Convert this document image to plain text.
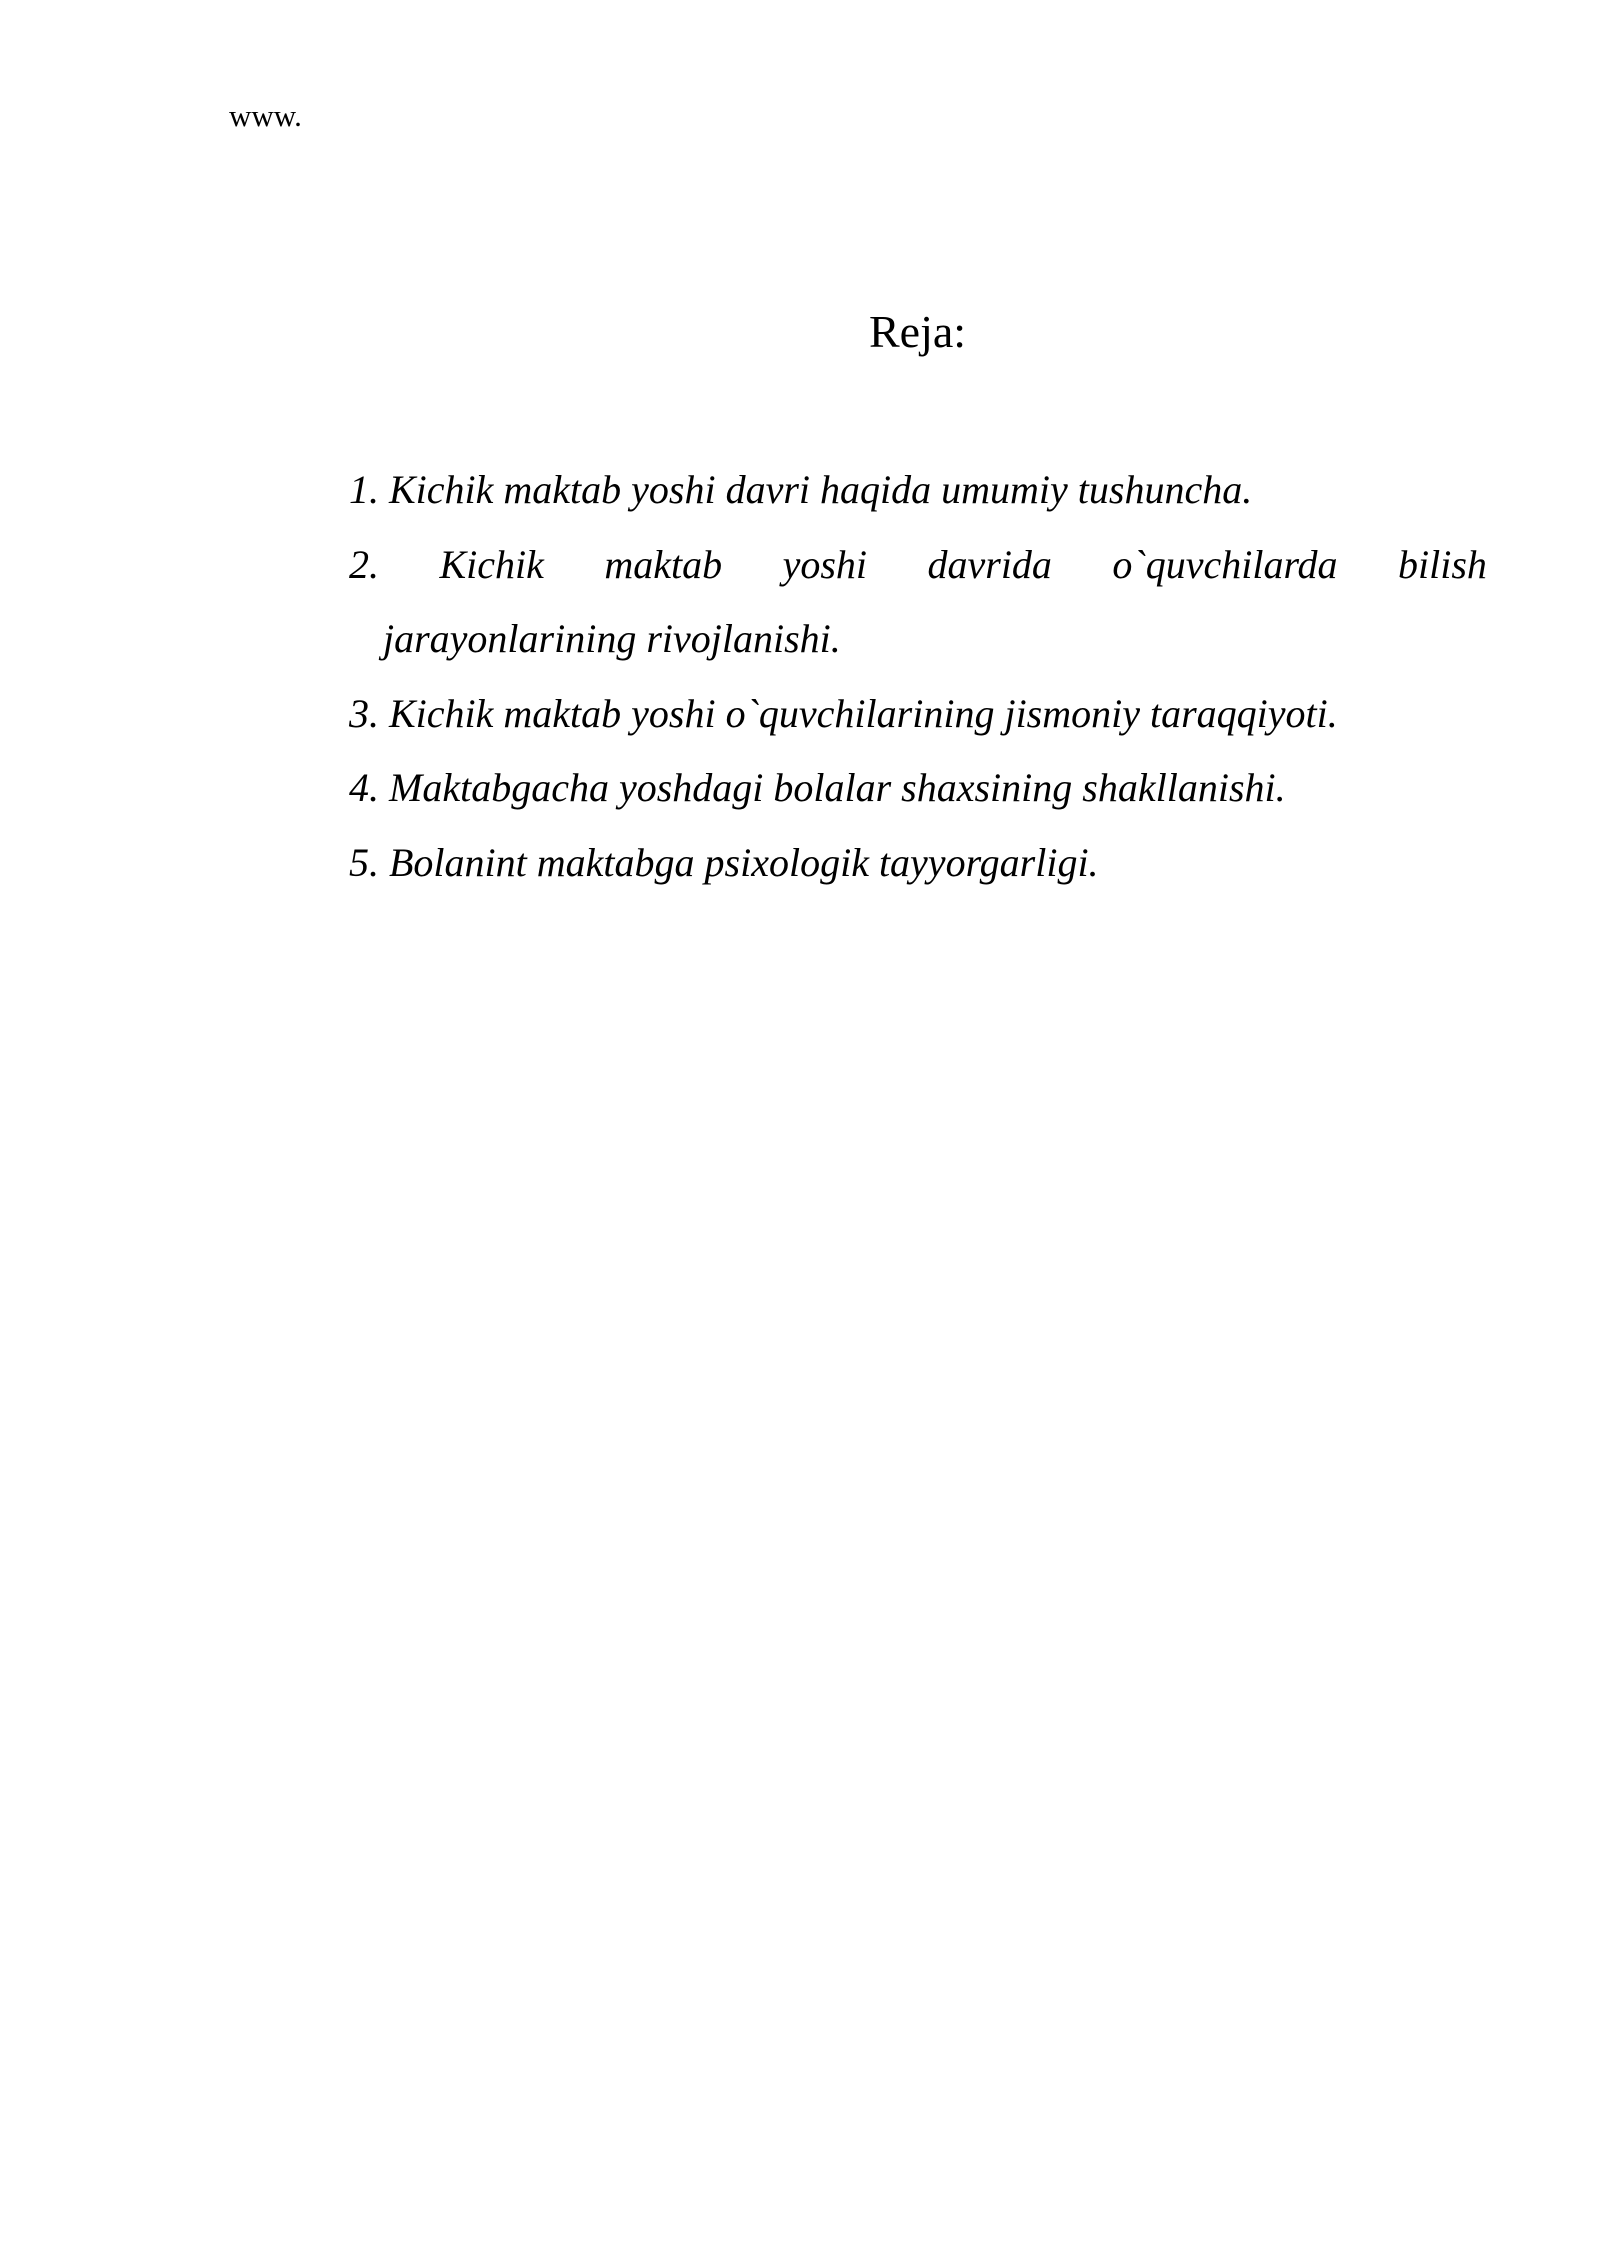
www.

Reja:
1. Kichik maktab yoshi davri haqida umumiy tushuncha.
2. Kichik maktab yoshi davrida o`quvchilarda bilish
jarayonlarining rivojlanishi.
3. Kichik maktab yoshi o`quvchilarining jismoniy taraqqiyoti.
4. Maktabgacha yoshdagi bolalar shaxsining shakllanishi.
5. Bolanint maktabga psixologik tayyorgarligi.
